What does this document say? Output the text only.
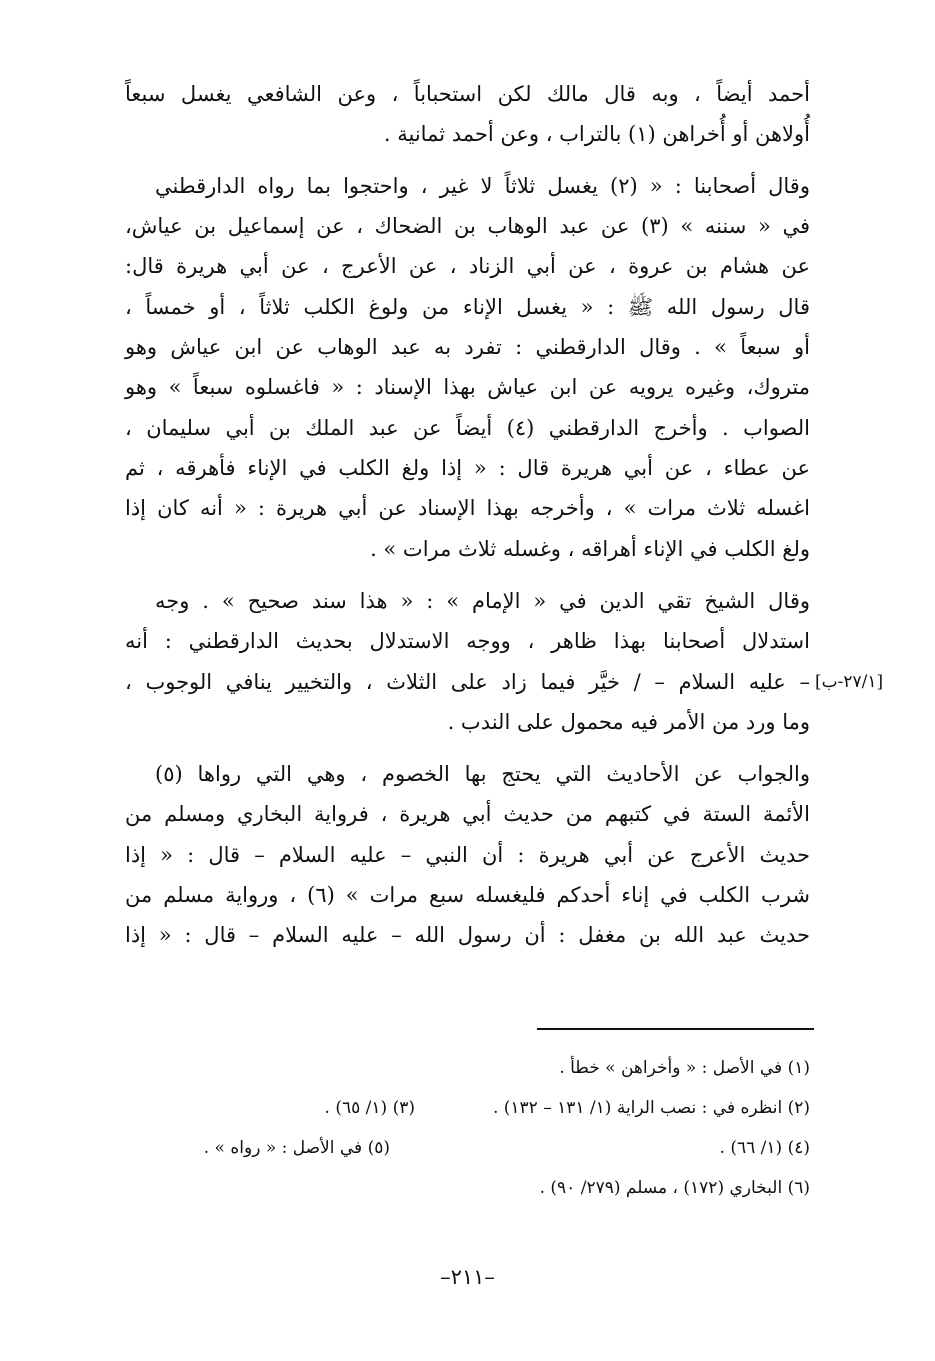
أحمد أيضاً ، وبه قال مالك لكن استحباباً ، وعن الشافعي يغسل سبعاً
أُولاهن أو أُخراهن (١) بالتراب ، وعن أحمد ثمانية .
وقال أصحابنا : « (٢) يغسل ثلاثاً لا غير ، واحتجوا بما رواه الدارقطني
في « سننه » (٣) عن عبد الوهاب بن الضحاك ، عن إسماعيل بن عياش،
عن هشام بن عروة ، عن أبي الزناد ، عن الأعرج ، عن أبي هريرة قال:
قال رسول الله ﷺ : « يغسل الإناء من ولوغ الكلب ثلاثاً ، أو خمساً ،
أو سبعاً » . وقال الدارقطني : تفرد به عبد الوهاب عن ابن عياش وهو
متروك، وغيره يرويه عن ابن عياش بهذا الإسناد : « فاغسلوه سبعاً » وهو
الصواب . وأخرج الدارقطني (٤) أيضاً عن عبد الملك بن أبي سليمان ،
عن عطاء ، عن أبي هريرة قال : « إذا ولغ الكلب في الإناء فأهرقه ، ثم
اغسله ثلاث مرات » ، وأخرجه بهذا الإسناد عن أبي هريرة : « أنه كان إذا
ولغ الكلب في الإناء أهراقه ، وغسله ثلاث مرات » .
وقال الشيخ تقي الدين في « الإمام » : « هذا سند صحيح » . وجه
استدلال أصحابنا بهذا ظاهر ، ووجه الاستدلال بحديث الدارقطني : أنه
– عليه السلام – / خيَّر فيما زاد على الثلاث ، والتخيير ينافي الوجوب ، [٢٧/١-ب]
وما ورد من الأمر فيه محمول على الندب .
والجواب عن الأحاديث التي يحتج بها الخصوم ، وهي التي رواها (٥)
الأئمة الستة في كتبهم من حديث أبي هريرة ، فرواية البخاري ومسلم من
حديث الأعرج عن أبي هريرة : أن النبي – عليه السلام – قال : « إذا
شرب الكلب في إناء أحدكم فليغسله سبع مرات » (٦) ، ورواية مسلم من
حديث عبد الله بن مغفل : أن رسول الله – عليه السلام – قال : « إذا
(١) في الأصل : « وأخراهن » خطأ .
(٢) انظره في : نصب الراية (١/ ١٣١ – ١٣٢) .
(٣) (١/ ٦٥) .
(٤) (١/ ٦٦) .
(٥) في الأصل : « رواه » .
(٦) البخاري (١٧٢) ، مسلم (٢٧٩/ ٩٠) .
–٢١١–
